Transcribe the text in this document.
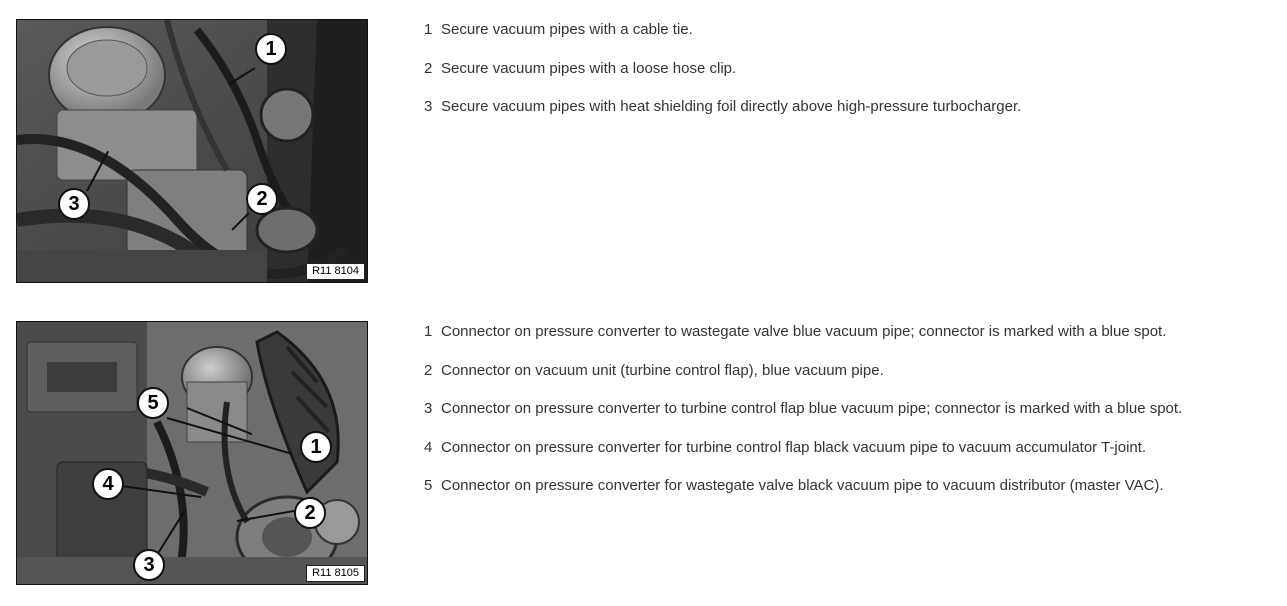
1
2
3
R11 8104
1 Secure vacuum pipes with a cable tie.
2 Secure vacuum pipes with a loose hose clip.
3 Secure vacuum pipes with heat shielding foil directly above high-pressure turbocharger.
5
1
4
2
3	R11 8105
1 Connector on pressure converter to wastegate valve blue vacuum pipe; connector is marked with a blue spot.
2 Connector on vacuum unit (turbine control flap), blue vacuum pipe.
3 Connector on pressure converter to turbine control flap blue vacuum pipe; connector is marked with a blue spot.
4 Connector on pressure converter for turbine control flap black vacuum pipe to vacuum accumulator T-joint.
5 Connector on pressure converter for wastegate valve black vacuum pipe to vacuum distributor (master VAC).
